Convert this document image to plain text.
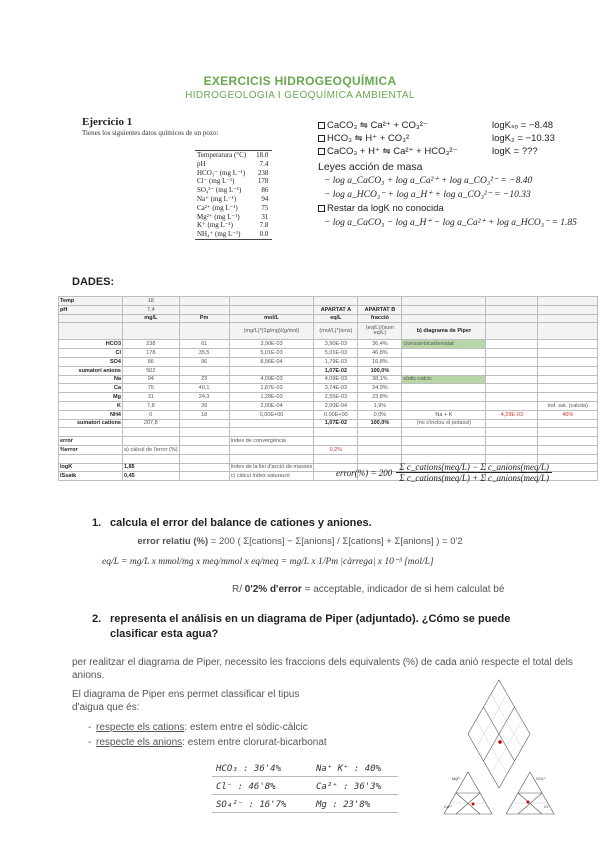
EXERCICIS HIDROGEOQUÍMICA
HIDROGEOLOGIA I GEOQUÍMICA AMBIENTAL
Ejercicio 1
Tienes los siguientes datos químicos de un pozo:
Temperatura (°C)	18.0
pH	7.4
HCO₃⁻ (mg L⁻¹)	238
Cl⁻ (mg L⁻¹)	178
SO₄²⁻ (mg L⁻¹)	86
Na⁺ (mg L⁻¹)	94
Ca²⁺ (mg L⁻¹)	75
Mg²⁺ (mg L⁻¹)	31
K⁺ (mg L⁻¹)	7.8
NH₄⁺ (mg L⁻¹)	0.0
CaCO₃ ⇋ Ca²⁺ + CO₃²⁻	logKₛₒ = −8.48
HCO₃ ⇋ H⁺ + CO₃²	logK₂ = −10.33
CaCO₃ + H⁺ ⇋ Ca²⁺ + HCO₃²⁻	logK = ???
Leyes acción de masa
− log a_CaCO₃ + log a_Ca²⁺ + log a_CO₃²⁻ = −8.40
− log a_HCO₃⁻ + log a_H⁺ + log a_CO₃²⁻ = −10.33
Restar da logK no conocida
− log a_CaCO₃ − log a_H⁺ − log a_Ca²⁺ + log a_HCO₃⁻ = 1.85
DADES:
Temp	18							
pH	7,4			APARTAT A	APARTAT B			
	mg/L	Pm	mol/L	eq/L	fracció			
			(mg/L)*(1g/mg)/(g/mol)	(mol/L)*(ions)	(eq/L)/(sum eq/L)	b) diagrama de Piper		
HCO3	238	61	3,90E-03	3,90E-03	36,4%	clorurat-bicarbonatat		
Cl	178	35,5	5,01E-03	5,01E-03	46,8%			
SO4	86	96	8,96E-04	1,79E-03	16,8%			
sumatori anions	502			1,07E-02	100,0%			
Na	94	23	4,09E-03	4,09E-03	38,1%	sòdic-càlcic		
Ca	75	40,1	1,87E-03	3,74E-03	34,9%			
Mg	31	24,3	1,28E-03	2,55E-03	23,8%			
K	7,8	39	2,00E-04	2,00E-04	1,9%			ind. sat. (calcita)
NH4	0	18	0,00E+00	0,00E+00	0,0%	Na + K	4,29E-03	40%
sumatori cations	207,8			1,07E-02	100,0%	(no s'inclou el potassi)		

error			índex de convergència					
%error	a) càlcul de l'error (%)			0,2%				

logK	1,85		índex de la llei d'acció de masses					
ISsatk	0,45		c) càlcul índex saturació						error(%) = $200 \frac{\text{Σ c\_cations(meq/L) − Σ c\_anions(meq/L)}}{\text{Σ c\_cations(meq/L) + Σ c\_anions(meq/L)}}$
1. calcula el error del balance de cationes y aniones.
error relatiu (%) = 200 ( Σ[cations] − Σ[anions] / Σ[cations] + Σ[anions] ) = 0'2
eq/L = mg/L x mmol/mg x meq/mmol x eq/meq = mg/L x 1/Pm |càrrega| x 10⁻³ [mol/L]
R/ 0'2% d'error = acceptable, indicador de si hem calculat bé
2. representa el análisis en un diagrama de Piper (adjuntado). ¿Cómo se puede clasificar esta agua?
per realitzar el diagrama de Piper, necessito les fraccions dels equivalents (%) de cada anió respecte el total dels anions.
El diagrama de Piper ens permet classificar el tipus d'aigua que és:
- respecte els cations: estem entre el sòdic-càlcic
- respecte els anions: estem entre clorurat-bicarbonat
HCO₃ : 36'4%	Na⁺ K⁺ : 40%
Cl⁻ : 46'8%	Ca²⁺ : 36'3%
SO₄²⁻ : 16'7%	Mg : 23'8%	Ca²⁺	Cl⁻
Mg²⁺	SO₄²⁻
